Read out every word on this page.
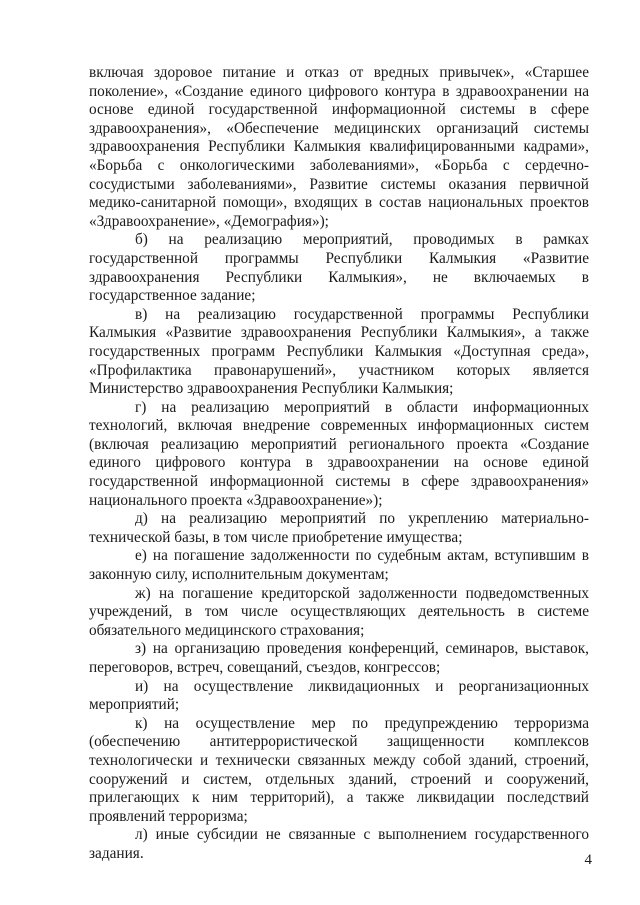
включая здоровое питание и отказ от вредных привычек», «Старшее поколение», «Создание единого цифрового контура в здравоохранении на основе единой государственной информационной системы в сфере здравоохранения», «Обеспечение медицинских организаций системы здравоохранения Республики Калмыкия квалифицированными кадрами», «Борьба с онкологическими заболеваниями», «Борьба с сердечно-сосудистыми заболеваниями», Развитие системы оказания первичной медико-санитарной помощи», входящих в состав национальных проектов «Здравоохранение», «Демография»);

б) на реализацию мероприятий, проводимых в рамках государственной программы Республики Калмыкия «Развитие здравоохранения Республики Калмыкия», не включаемых в государственное задание;

в) на реализацию государственной программы Республики Калмыкия «Развитие здравоохранения Республики Калмыкия», а также государственных программ Республики Калмыкия «Доступная среда», «Профилактика правонарушений», участником которых является Министерство здравоохранения Республики Калмыкия;

г) на реализацию мероприятий в области информационных технологий, включая внедрение современных информационных систем (включая реализацию мероприятий регионального проекта «Создание единого цифрового контура в здравоохранении на основе единой государственной информационной системы в сфере здравоохранения» национального проекта «Здравоохранение»);

д) на реализацию мероприятий по укреплению материально-технической базы, в том числе приобретение имущества;

е) на погашение задолженности по судебным актам, вступившим в законную силу, исполнительным документам;

ж) на погашение кредиторской задолженности подведомственных учреждений, в том числе осуществляющих деятельность в системе обязательного медицинского страхования;

з) на организацию проведения конференций, семинаров, выставок, переговоров, встреч, совещаний, съездов, конгрессов;

и) на осуществление ликвидационных и реорганизационных мероприятий;

к) на осуществление мер по предупреждению терроризма (обеспечению антитеррористической защищенности комплексов технологически и технически связанных между собой зданий, строений, сооружений и систем, отдельных зданий, строений и сооружений, прилегающих к ним территорий), а также ликвидации последствий проявлений терроризма;

л) иные субсидии не связанные с выполнением государственного задания.	4
